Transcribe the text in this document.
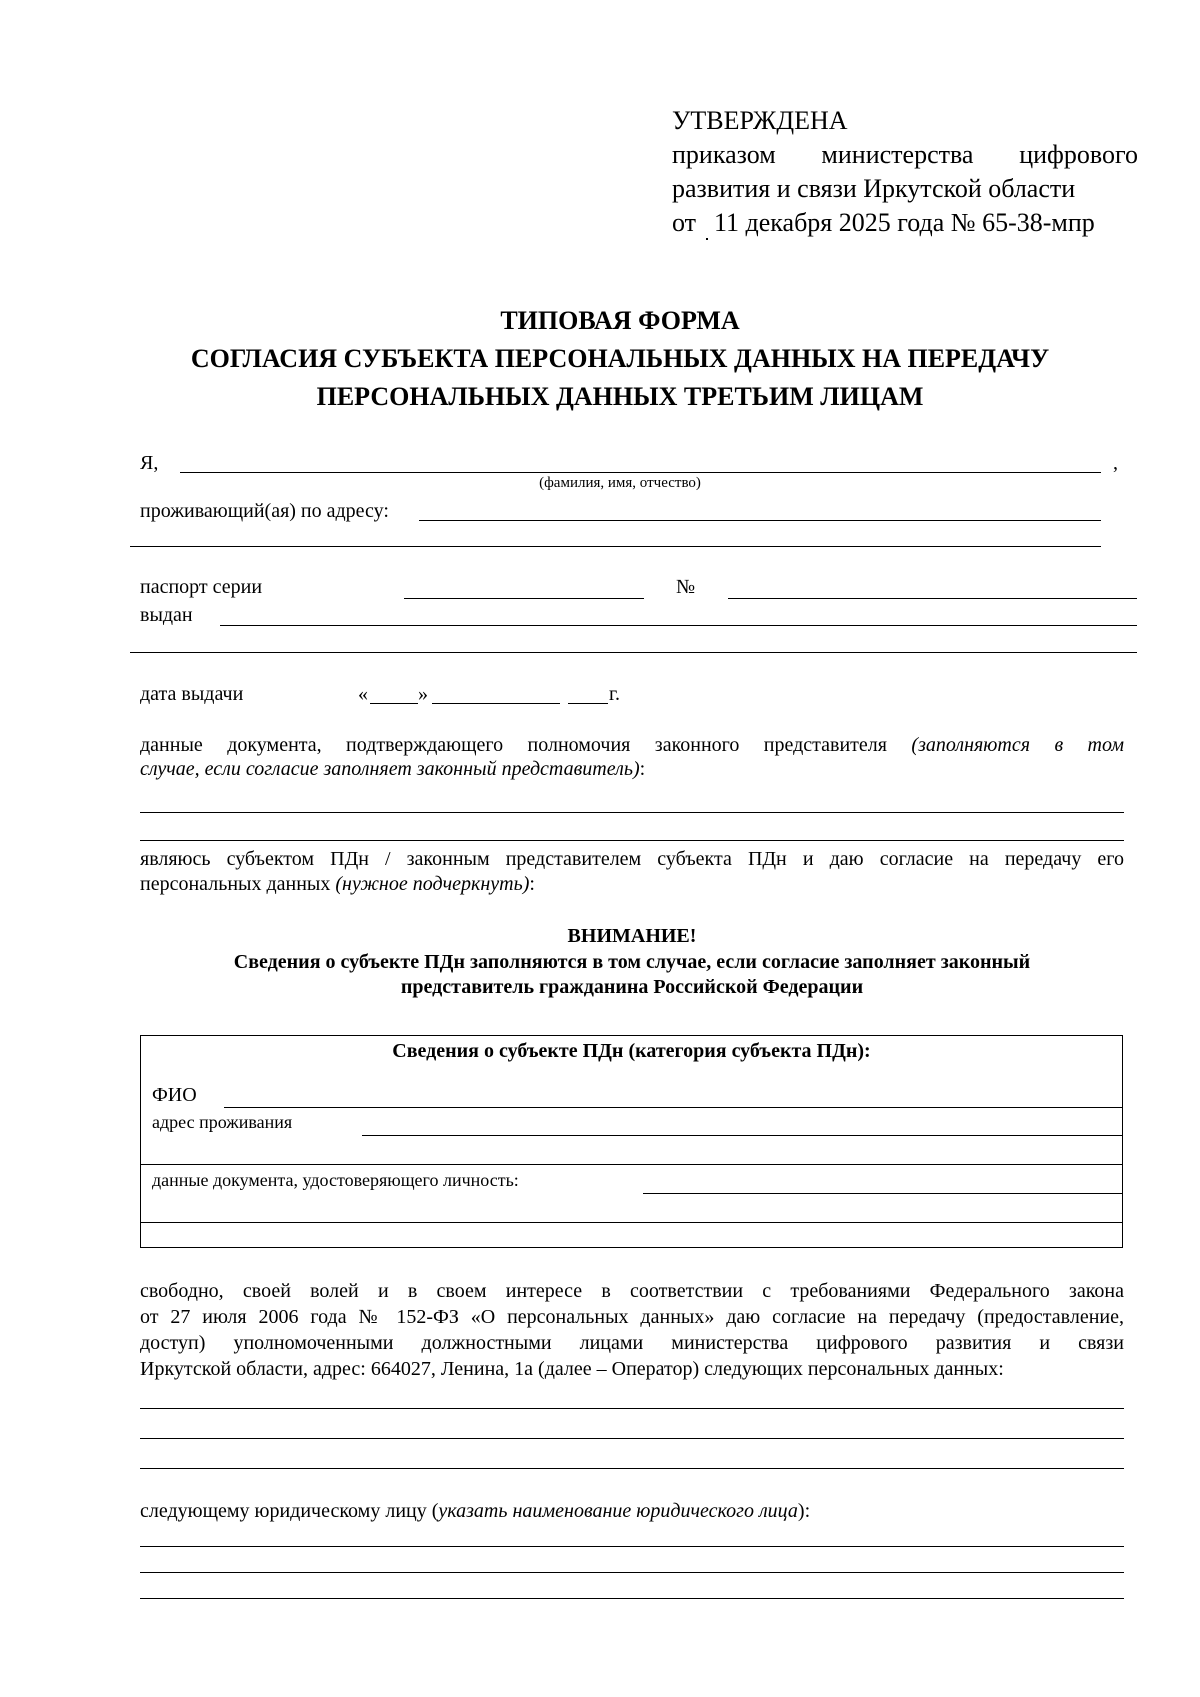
УТВЕРЖДЕНА
приказом министерства цифрового
развития и связи Иркутской области
от 11 декабря 2025 года № 65-38-мпр
ТИПОВАЯ ФОРМА
СОГЛАСИЯ СУБЪЕКТА ПЕРСОНАЛЬНЫХ ДАННЫХ НА ПЕРЕДАЧУ
ПЕРСОНАЛЬНЫХ ДАННЫХ ТРЕТЬИМ ЛИЦАМ
Я,	,
(фамилия, имя, отчество)
проживающий(ая) по адресу:
паспорт серии	№
выдан
дата выдачи	«	»	г.
данные документа, подтверждающего полномочия законного представителя (заполняются в том
случае, если согласие заполняет законный представитель):
являюсь субъектом ПДн / законным представителем субъекта ПДн и даю согласие на передачу его
персональных данных (нужное подчеркнуть):
ВНИМАНИЕ!
Сведения о субъекте ПДн заполняются в том случае, если согласие заполняет законный
представитель гражданина Российской Федерации
Сведения о субъекте ПДн (категория субъекта ПДн):
ФИО
адрес проживания
данные документа, удостоверяющего личность:
свободно, своей волей и в своем интересе в соответствии с требованиями Федерального закона
от 27 июля 2006 года № 152-ФЗ «О персональных данных» даю согласие на передачу (предоставление,
доступ) уполномоченными должностными лицами министерства цифрового развития и связи
Иркутской области, адрес: 664027, Ленина, 1а (далее – Оператор) следующих персональных данных:
следующему юридическому лицу (указать наименование юридического лица):
